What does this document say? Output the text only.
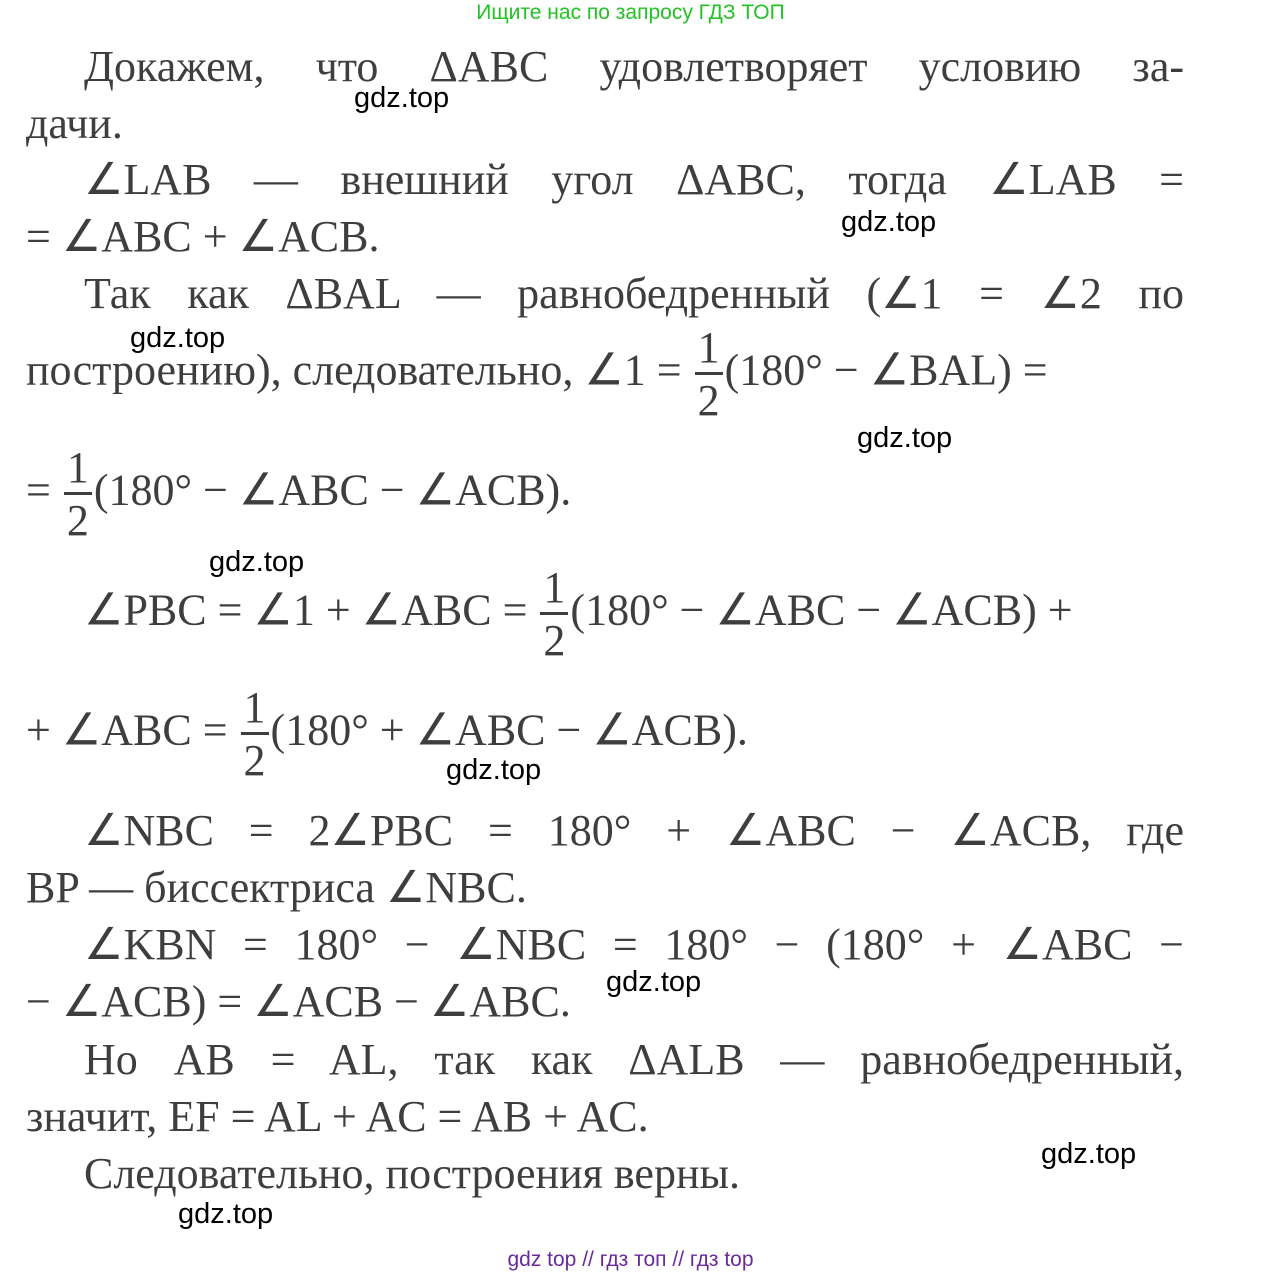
Ищите нас по запросу ГДЗ ТОП
Докажем, что ΔABC удовлетворяет условию за-
дачи.
∠LAB — внешний угол ΔABC, тогда ∠LAB =
= ∠ABC + ∠ACB.
Так как ΔBAL — равнобедренный (∠1 = ∠2 по
построению), следовательно, ∠1 = $\frac{1}{2} (180^\circ$ − ∠BAL) =
= $\frac{1}{2} (180^\circ$ − ∠ABC − ∠ACB).
∠PBC = ∠1 + ∠ABC = $\frac{1}{2} (180^\circ$ − ∠ABC − ∠ACB) +
+ ∠ABC = $\frac{1}{2} (180^\circ$ + ∠ABC − ∠ACB).
∠NBC = 2∠PBC = 180° + ∠ABC − ∠ACB, где
BP — биссектриса ∠NBC.
∠KBN = 180° − ∠NBC = 180° − (180° + ∠ABC −
− ∠ACB) = ∠ACB − ∠ABC.
Но AB = AL, так как ΔALB — равнобедренный,
значит, EF = AL + AC = AB + AC.
Следовательно, построения верны.
gdz.top
gdz.top
gdz.top
gdz.top
gdz.top
gdz.top
gdz.top
gdz.top
gdz.top
gdz top // гдз топ // гдз top
